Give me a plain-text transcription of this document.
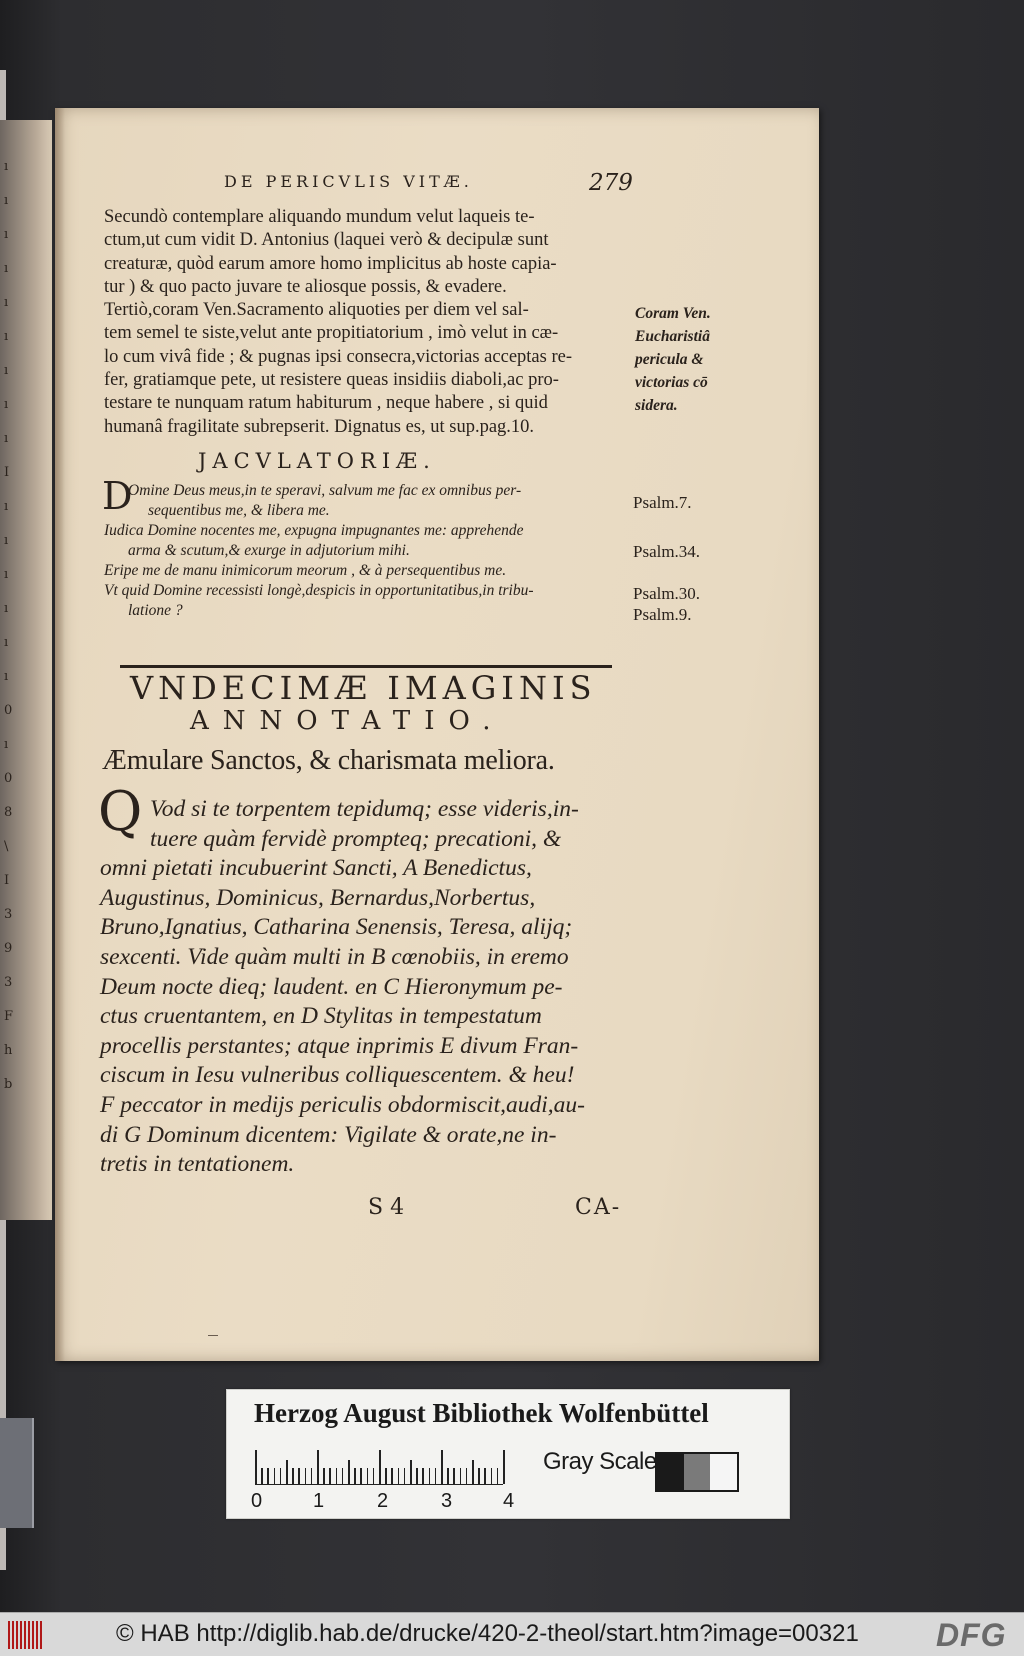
ı
ı
ı
ı
ı
ı
ı
ı
ı
I
ı
ı
ı
ı
ı
ı
0
ı
0
8
\
I
3
9
3
F
h
b
DE PERICVLIS VITÆ.	279
Secundò contemplare aliquando mundum velut laqueis te-
ctum,ut cum vidit D. Antonius (laquei verò & decipulæ sunt
creaturæ, quòd earum amore homo implicitus ab hoste capia-
tur ) & quo pacto juvare te aliosque possis, & evadere.
Tertiò,coram Ven.Sacramento aliquoties per diem vel sal-
tem semel te siste,velut ante propitiatorium , imò velut in cæ-
lo cum vivâ fide ; & pugnas ipsi consecra,victorias acceptas re-
fer, gratiamque pete, ut resistere queas insidiis diaboli,ac pro-
testare te nunquam ratum habiturum , neque habere , si quid
humanâ fragilitate subrepserit. Dignatus es, ut sup.pag.10.
Coram Ven.
Eucharistiâ
pericula &
victorias cō
sidera.
JACVLATORIÆ.
D
Omine Deus meus,in te speravi, salvum me fac ex omnibus per-
sequentibus me, & libera me.
Iudica Domine nocentes me, expugna impugnantes me: apprehende
arma & scutum,& exurge in adjutorium mihi.
Eripe me de manu inimicorum meorum , & à persequentibus me.
Vt quid Domine recessisti longè,despicis in opportunitatibus,in tribu-
latione ?
Psalm.7.
Psalm.34.
Psalm.30.
Psalm.9.
VNDECIMÆ IMAGINIS
ANNOTATIO.
Æmulare Sanctos, & charismata meliora.
Q Vod si te torpentem tepidumq; esse videris,in-
tuere quàm fervidè prompteq; precationi, &
omni pietati incubuerint Sancti, A Benedictus,
Augustinus, Dominicus, Bernardus,Norbertus,
Bruno,Ignatius, Catharina Senensis, Teresa, alijq;
sexcenti. Vide quàm multi in B cœnobiis, in eremo
Deum nocte dieq; laudent. en C Hieronymum pe-
ctus cruentantem, en D Stylitas in tempestatum
procellis perstantes; atque inprimis E divum Fran-
ciscum in Iesu vulneribus colliquescentem. & heu!
F peccator in medijs periculis obdormiscit,audi,au-
di G Dominum dicentem: Vigilate & orate,ne in-
tretis in tentationem.
S 4	CA-
Herzog August Bibliothek Wolfenbüttel
0	1	2	3	4
Gray Scale
© HAB http://diglib.hab.de/drucke/420-2-theol/start.htm?image=00321 DFG
